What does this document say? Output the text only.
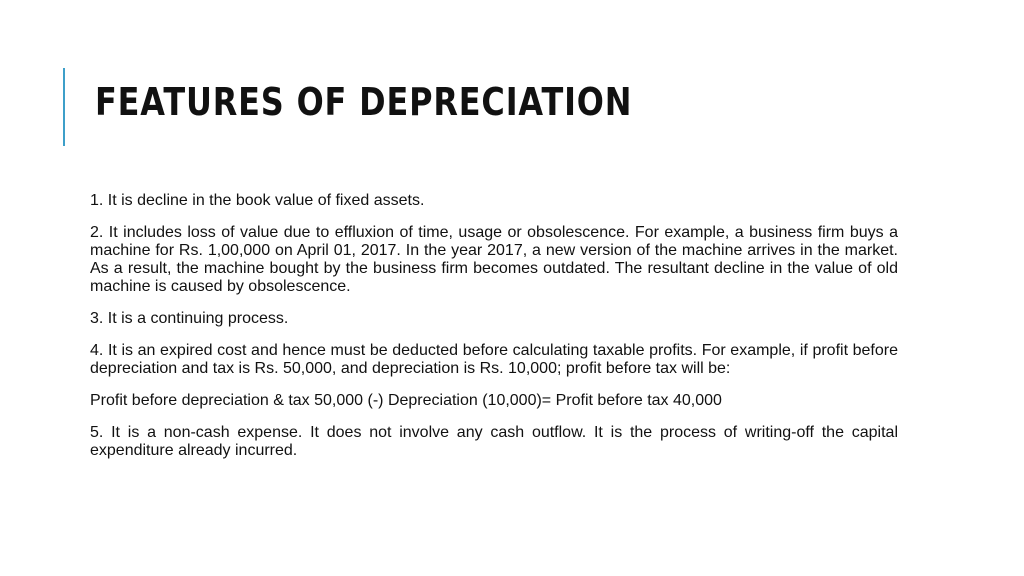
FEATURES OF DEPRECIATION

1. It is decline in the book value of fixed assets.

2. It includes loss of value due to effluxion of time, usage or obsolescence. For example, a business firm buys a machine for Rs. 1,00,000 on April 01, 2017. In the year 2017, a new version of the machine arrives in the market. As a result, the machine bought by the business firm becomes outdated. The resultant decline in the value of old machine is caused by obsolescence.

3. It is a continuing process.

4. It is an expired cost and hence must be deducted before calculating taxable profits. For example, if profit before depreciation and tax is Rs. 50,000, and depreciation is Rs. 10,000; profit before tax will be:

Profit before depreciation & tax 50,000 (-) Depreciation (10,000)= Profit before tax 40,000

5. It is a non-cash expense. It does not involve any cash outflow. It is the process of writing-off the capital expenditure already incurred.
